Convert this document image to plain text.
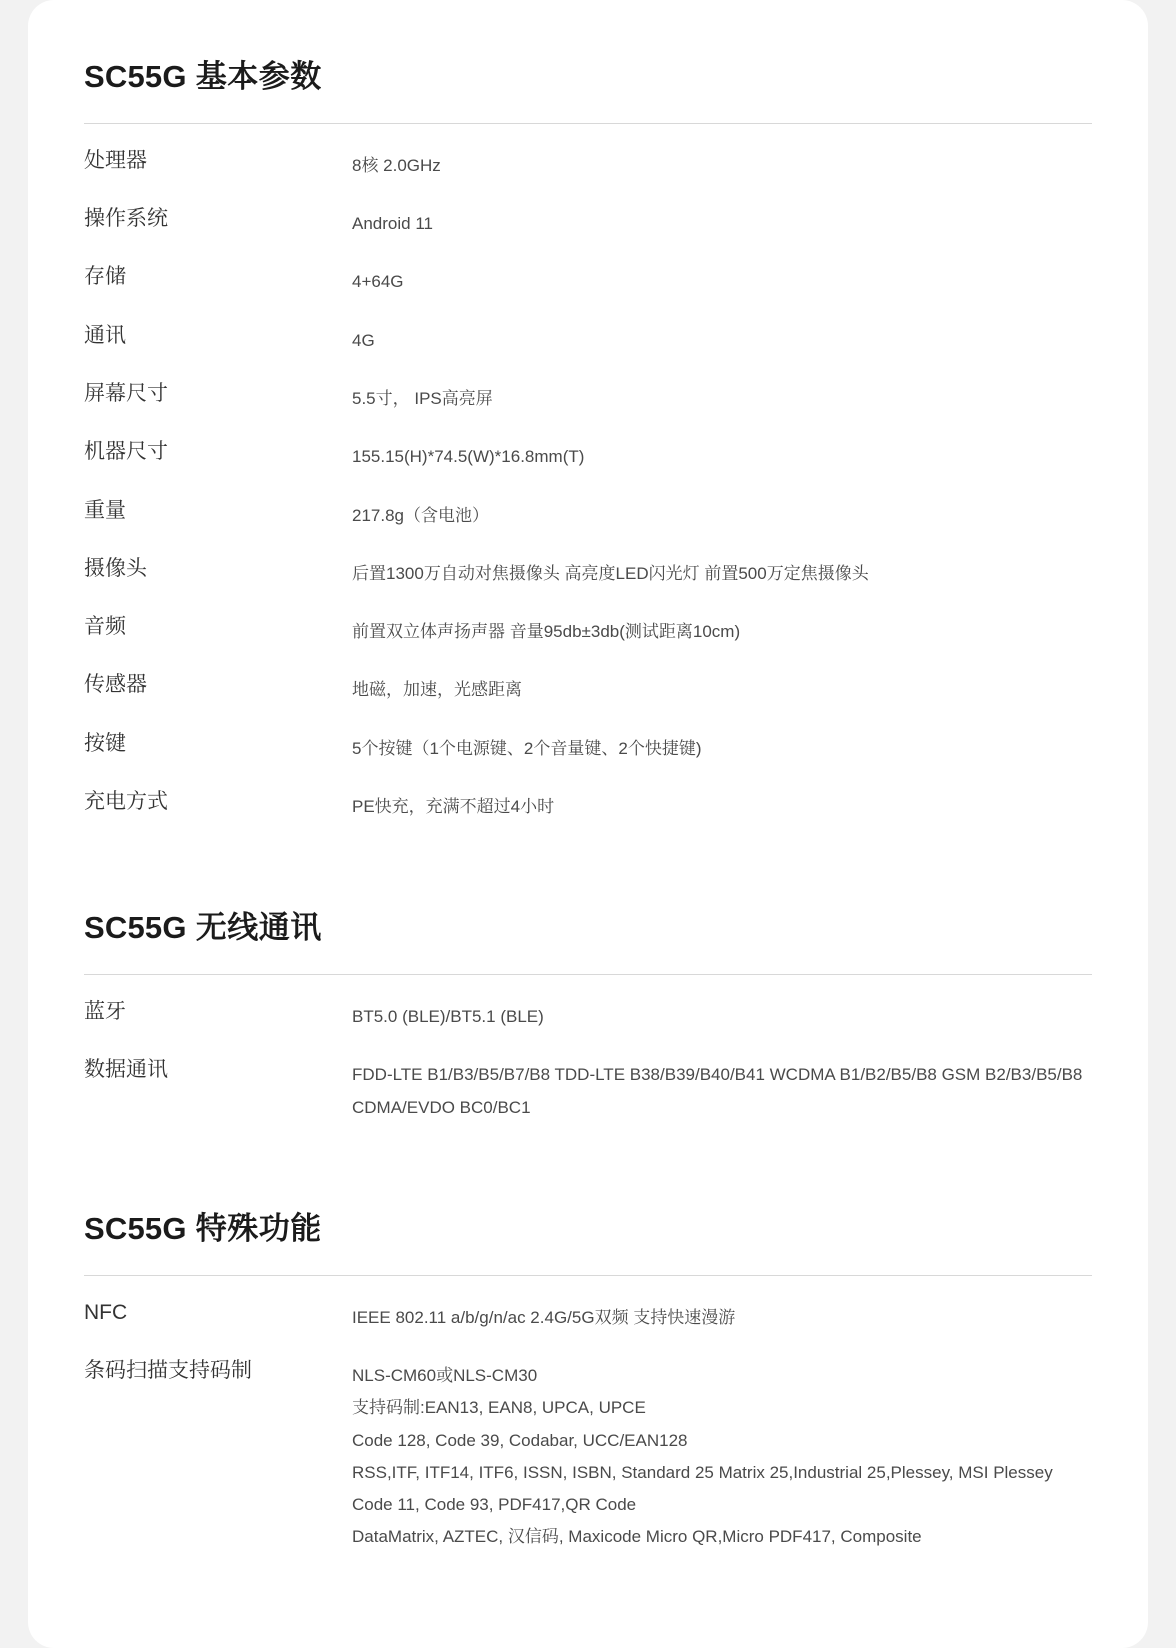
SC55G 基本参数
处理器	8核 2.0GHz
操作系统	Android 11
存储	4+64G
通讯	4G
屏幕尺寸	5.5寸， IPS高亮屏
机器尺寸	155.15(H)*74.5(W)*16.8mm(T)
重量	217.8g（含电池）
摄像头	后置1300万自动对焦摄像头 高亮度LED闪光灯 前置500万定焦摄像头
音频	前置双立体声扬声器 音量95db±3db(测试距离10cm)
传感器	地磁，加速，光感距离
按键	5个按键（1个电源键、2个音量键、2个快捷键)
充电方式	PE快充，充满不超过4小时
SC55G 无线通讯
蓝牙	BT5.0 (BLE)/BT5.1 (BLE)
数据通讯	FDD-LTE B1/B3/B5/B7/B8 TDD-LTE B38/B39/B40/B41 WCDMA B1/B2/B5/B8 GSM B2/B3/B5/B8 CDMA/EVDO BC0/BC1
SC55G 特殊功能
NFC	IEEE 802.11 a/b/g/n/ac 2.4G/5G双频 支持快速漫游
条码扫描支持码制	NLS-CM60或NLS-CM30
支持码制:EAN13, EAN8, UPCA, UPCE
Code 128, Code 39, Codabar, UCC/EAN128
RSS,ITF, ITF14, ITF6, ISSN, ISBN, Standard 25 Matrix 25,Industrial 25,Plessey, MSI Plessey Code 11, Code 93, PDF417,QR Code
DataMatrix, AZTEC, 汉信码, Maxicode Micro QR,Micro PDF417, Composite
